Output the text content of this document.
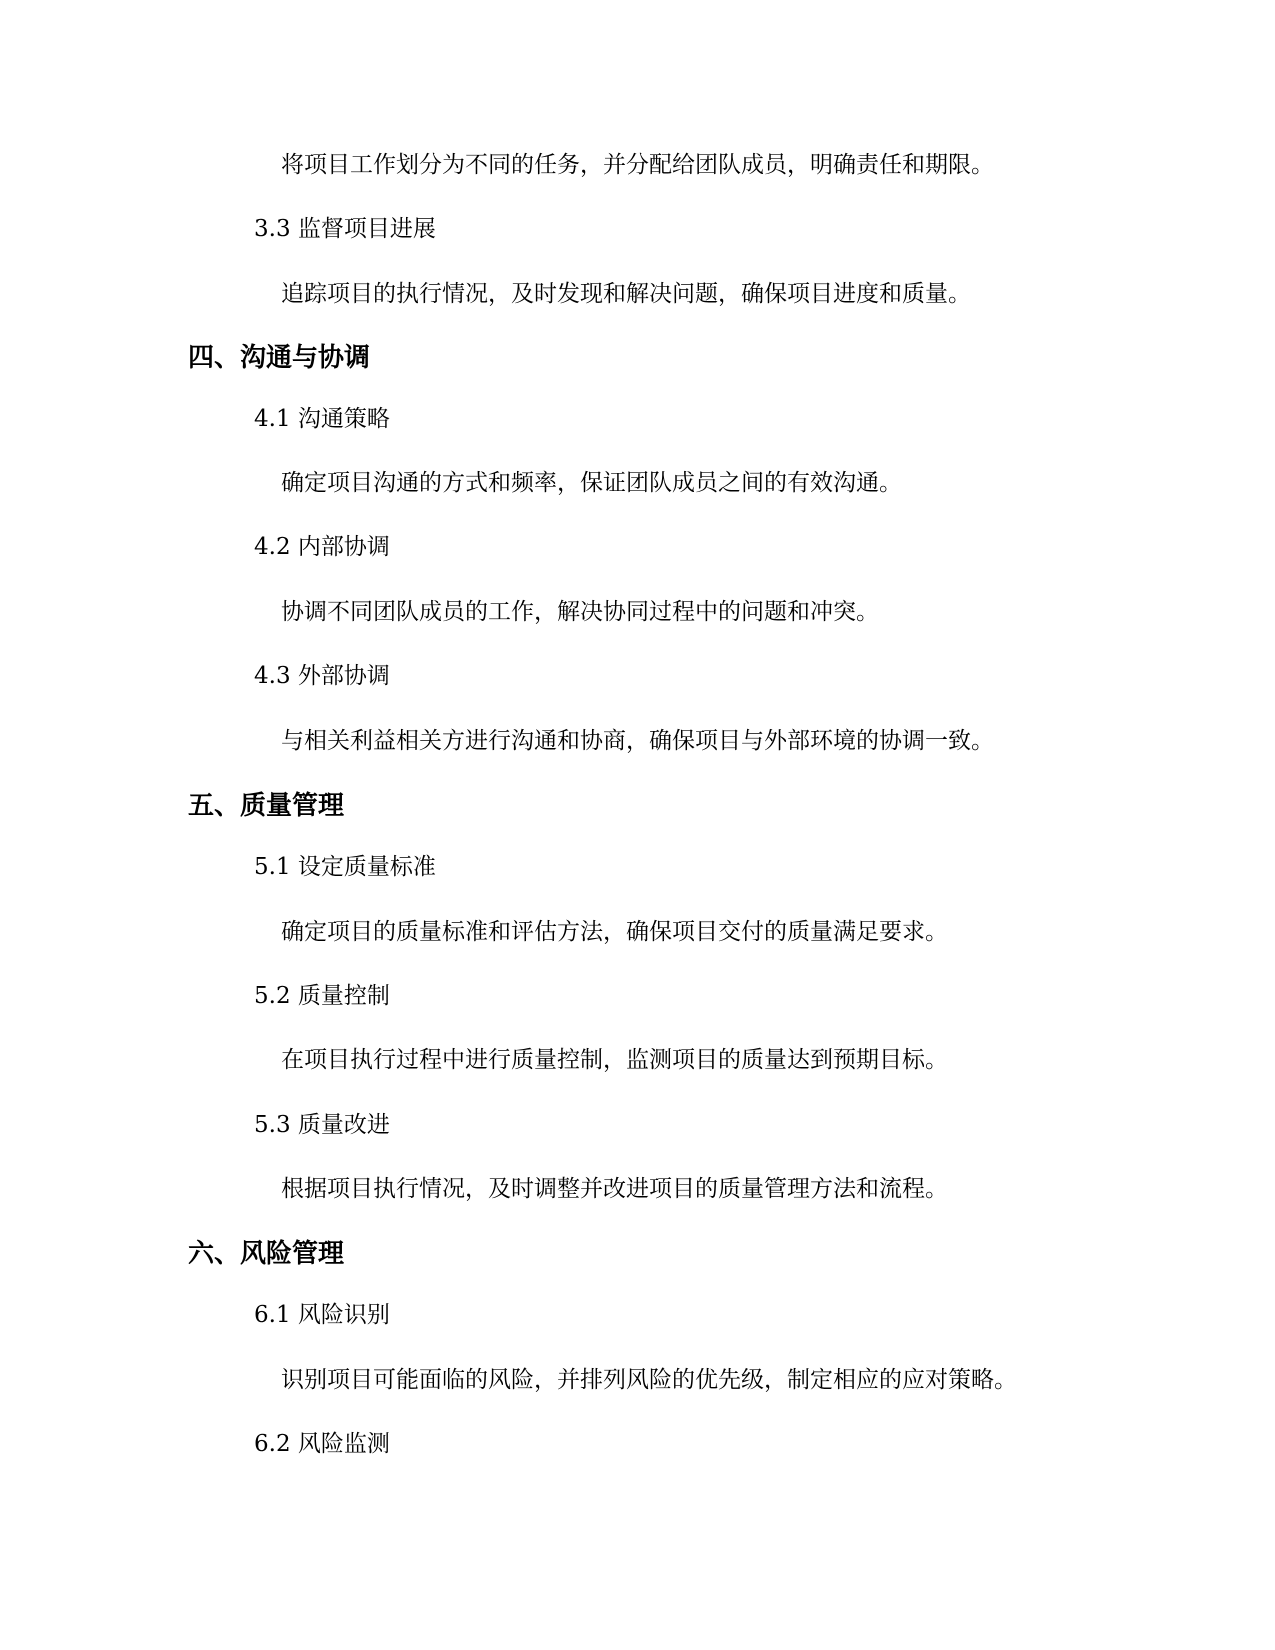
将项目工作划分为不同的任务，并分配给团队成员，明确责任和期限。
3.3 监督项目进展
追踪项目的执行情况，及时发现和解决问题，确保项目进度和质量。
四、沟通与协调
4.1 沟通策略
确定项目沟通的方式和频率，保证团队成员之间的有效沟通。
4.2 内部协调
协调不同团队成员的工作，解决协同过程中的问题和冲突。
4.3 外部协调
与相关利益相关方进行沟通和协商，确保项目与外部环境的协调一致。
五、质量管理
5.1 设定质量标准
确定项目的质量标准和评估方法，确保项目交付的质量满足要求。
5.2 质量控制
在项目执行过程中进行质量控制，监测项目的质量达到预期目标。
5.3 质量改进
根据项目执行情况，及时调整并改进项目的质量管理方法和流程。
六、风险管理
6.1 风险识别
识别项目可能面临的风险，并排列风险的优先级，制定相应的应对策略。
6.2 风险监测
